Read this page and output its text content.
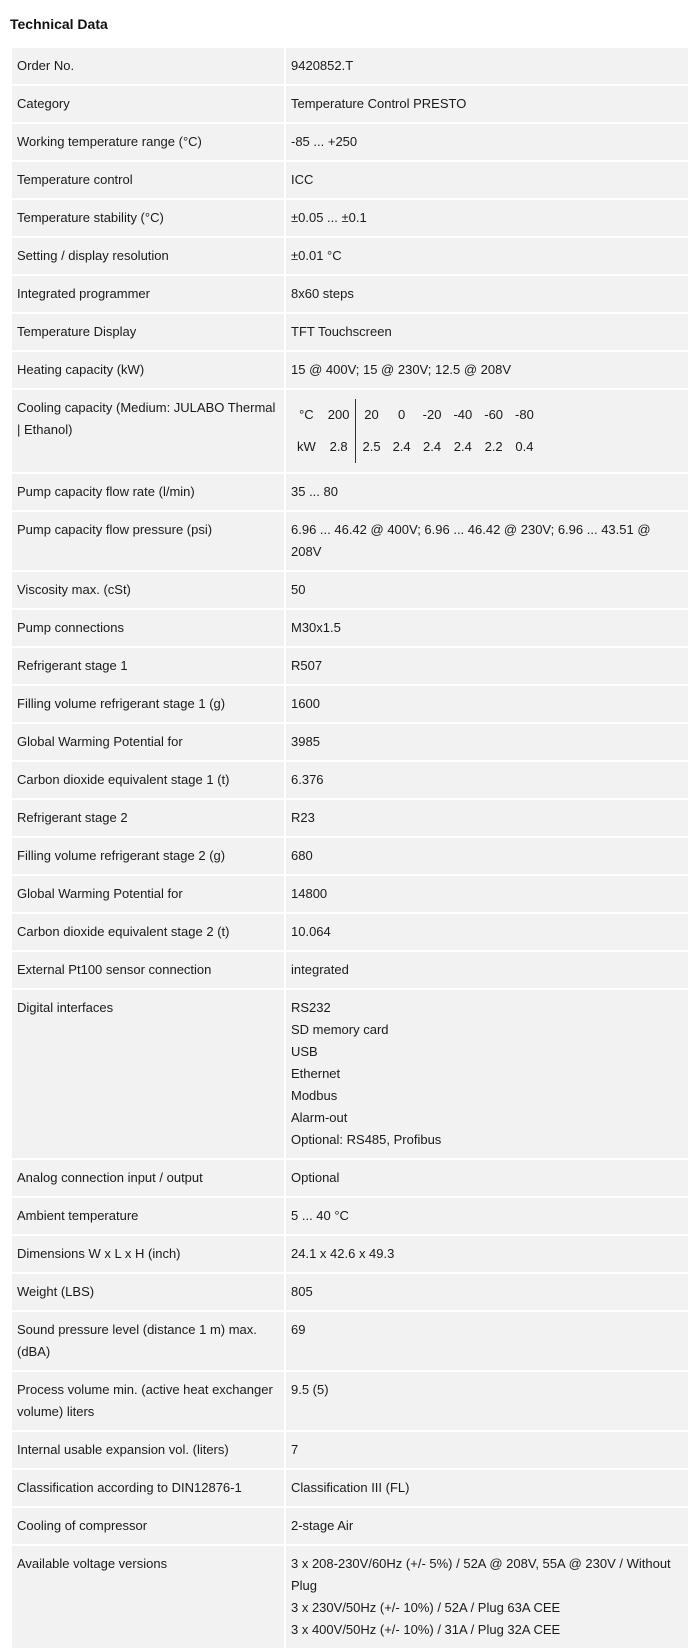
Technical Data
Order No.	9420852.T
Category	Temperature Control PRESTO
Working temperature range (°C)	-85 ... +250
Temperature control	ICC
Temperature stability (°C)	±0.05 ... ±0.1
Setting / display resolution	±0.01 °C
Integrated programmer	8x60 steps
Temperature Display	TFT Touchscreen
Heating capacity (kW)	15 @ 400V; 15 @ 230V; 12.5 @ 208V
Cooling capacity (Medium: JULABO Thermal | Ethanol)	
°C	200	20	0	-20	-40	-60	-80
kW	2.8	2.5	2.4	2.4	2.4	2.2	0.4

Pump capacity flow rate (l/min)	35 ... 80
Pump capacity flow pressure (psi)	6.96 ... 46.42 @ 400V; 6.96 ... 46.42 @ 230V; 6.96 ... 43.51 @ 208V
Viscosity max. (cSt)	50
Pump connections	M30x1.5
Refrigerant stage 1	R507
Filling volume refrigerant stage 1 (g)	1600
Global Warming Potential for	3985
Carbon dioxide equivalent stage 1 (t)	6.376
Refrigerant stage 2	R23
Filling volume refrigerant stage 2 (g)	680
Global Warming Potential for	14800
Carbon dioxide equivalent stage 2 (t)	10.064
External Pt100 sensor connection	integrated
Digital interfaces	RS232
SD memory card
USB
Ethernet
Modbus
Alarm-out
Optional: RS485, Profibus

Analog connection input / output	Optional
Ambient temperature	5 ... 40 °C
Dimensions W x L x H (inch)	24.1 x 42.6 x 49.3
Weight (LBS)	805
Sound pressure level (distance 1 m) max. (dBA)	69
Process volume min. (active heat exchanger volume) liters	9.5 (5)
Internal usable expansion vol. (liters)	7
Classification according to DIN12876-1	Classification III (FL)
Cooling of compressor	2-stage Air
Available voltage versions	3 x 208-230V/60Hz (+/- 5%) / 52A @ 208V, 55A @ 230V / Without Plug
3 x 230V/50Hz (+/- 10%) / 52A / Plug 63A CEE
3 x 400V/50Hz (+/- 10%) / 31A / Plug 32A CEE
